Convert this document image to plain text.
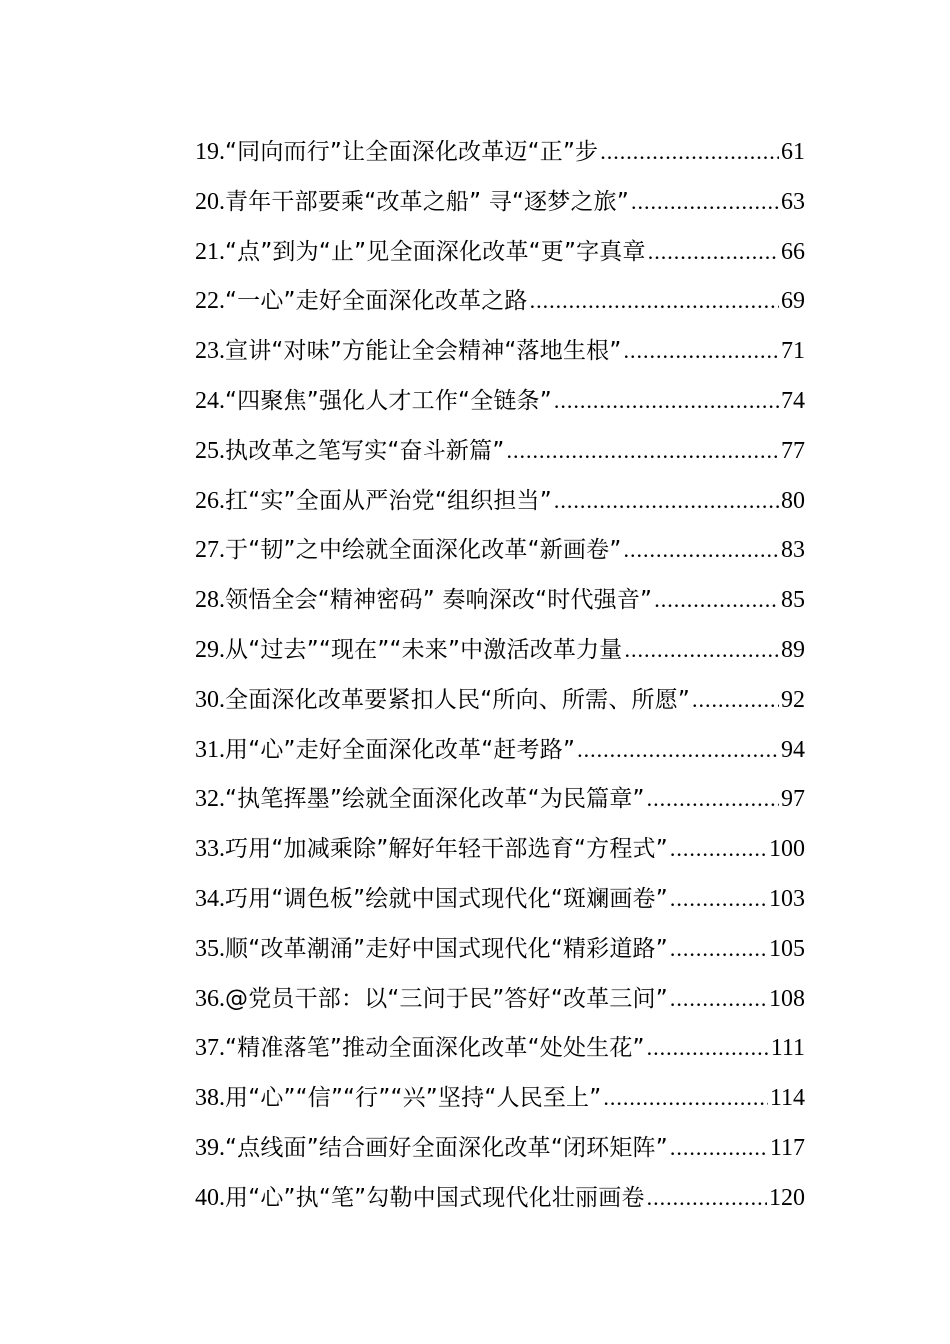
19. “同向而行”让全面深化改革迈“正”步 .....	61
20. 青年干部要乘“改革之船” 寻“逐梦之旅” .....	63
21. “点”到为“止”见全面深化改革“更”字真章 .....	66
22. “一心”走好全面深化改革之路 .....	69
23. 宣讲“对味”方能让全会精神“落地生根” .....	71
24. “四聚焦”强化人才工作“全链条” .....	74
25. 执改革之笔写实“奋斗新篇” .....	77
26. 扛“实”全面从严治党“组织担当” .....	80
27. 于“韧”之中绘就全面深化改革“新画卷” .....	83
28. 领悟全会“精神密码” 奏响深改“时代强音” .....	85
29. 从“过去”“现在”“未来”中激活改革力量 .....	89
30. 全面深化改革要紧扣人民“所向、所需、所愿” .....	92
31. 用“心”走好全面深化改革“赶考路” .....	94
32. “执笔挥墨”绘就全面深化改革“为民篇章” .....	97
33. 巧用“加减乘除”解好年轻干部选育“方程式” .....	100
34. 巧用“调色板”绘就中国式现代化“斑斓画卷” .....	103
35. 顺“改革潮涌”走好中国式现代化“精彩道路” .....	105
36. @党员干部：以“三问于民”答好“改革三问” .....	108
37. “精准落笔”推动全面深化改革“处处生花” .....	111
38. 用“心”“信”“行”“兴”坚持“人民至上” .....	114
39. “点线面”结合画好全面深化改革“闭环矩阵” .....	117
40. 用“心”执“笔”勾勒中国式现代化壮丽画卷 .....	120
